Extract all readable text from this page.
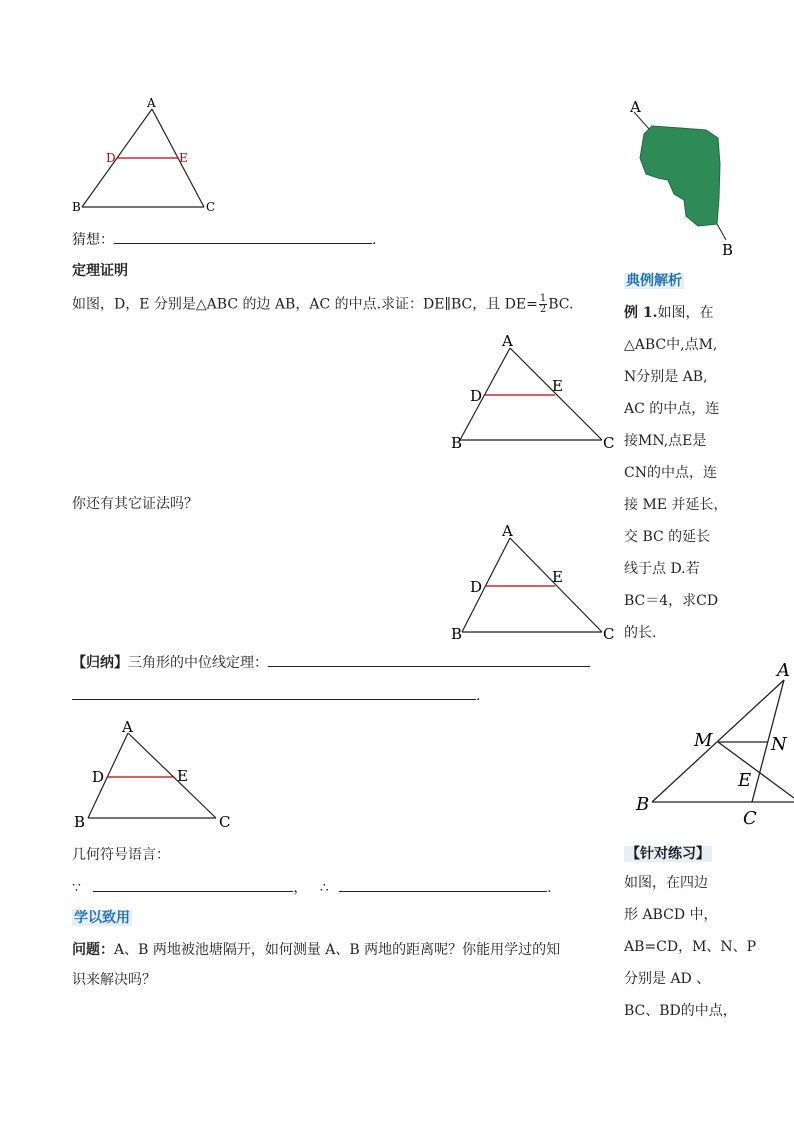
A
D	E
B	C
猜想：	.
定理证明
如图，D，E 分别是△ABC 的边 AB，AC 的中点.求证：DE∥BC，且 $DE= \frac{1}{2}$ BC.
A
D
E
B	C
你还有其它证法吗？
A
D
E
B	C
【归纳】三角形的中位线定理：
.
A
D	E
B	C
几何符号语言：
∵	， ∴	.
学以致用
问题：A、B 两地被池塘隔开，如何测量 A、B 两地的距离呢？你能用学过的知
识来解决吗？
A
B
典例解析
例 1.如图，在
△ABC中,点M,
N分别是 AB,
AC 的中点，连
接MN,点E是
CN的中点，连
接 ME 并延长，
交 BC 的延长
线于点 D.若
BC＝4，求CD
的长.
A
M	N
E
B
C
【针对练习】
如图，在四边
形 ABCD 中，
AB=CD，M、N、P
分别是 AD 、
BC、BD的中点，
